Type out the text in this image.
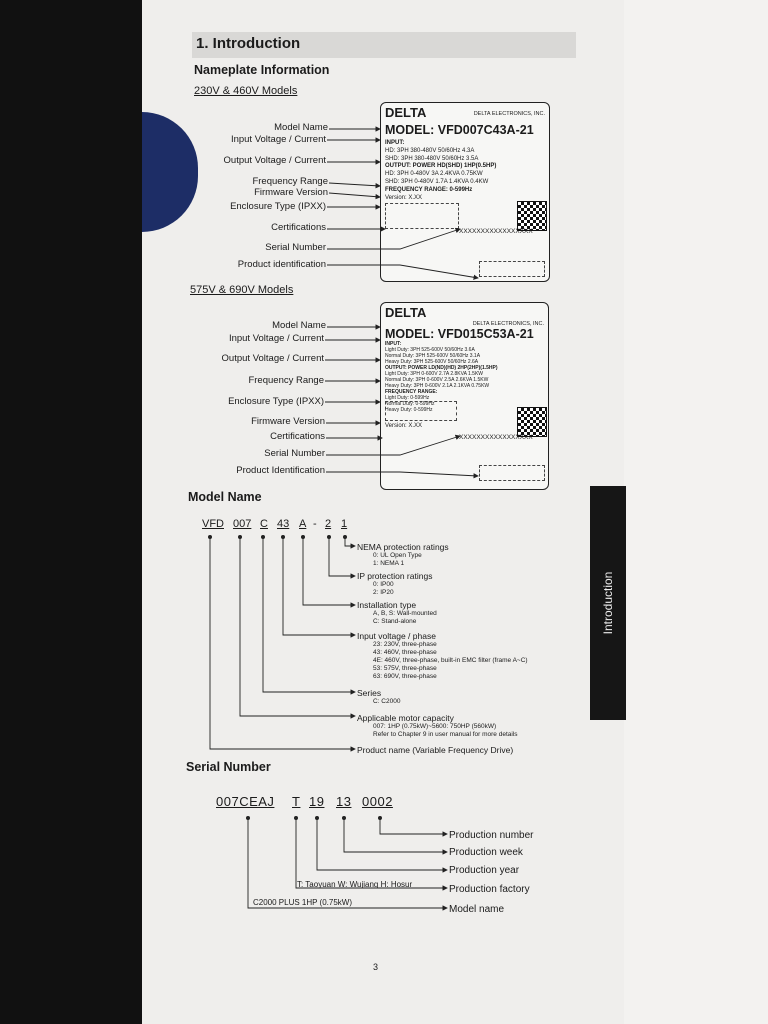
1. Introduction
Nameplate Information
230V & 460V Models
Model Name
Input Voltage / Current
Output Voltage / Current
Frequency Range
Firmware Version
Enclosure Type (IPXX)
Certifications
Serial Number
Product identification
DELTA	DELTA ELECTRONICS, INC.
MODEL: VFD007C43A-21
INPUT:
HD: 3PH 380-480V 50/60Hz 4.3A
SHD: 3PH 380-480V 50/60Hz 3.5A
OUTPUT: POWER HD(SHD) 1HP(0.5HP)
HD: 3PH 0-480V 3A 2.4KVA 0.75KW
SHD: 3PH 0-480V 1.7A 1.4KVA 0.4KW
FREQUENCY RANGE: 0-599Hz
Version: X.XX
XXXXXXXXXXXXXXXXX
575V & 690V Models
Model Name
Input Voltage / Current
Output Voltage / Current
Frequency Range
Enclosure Type (IPXX)
Firmware Version
Certifications
Serial Number
Product Identification
DELTA
DELTA ELECTRONICS, INC.
MODEL: VFD015C53A-21
INPUT:
Light Duty: 3PH 525-600V 50/60Hz 3.6A
Normal Duty: 3PH 525-600V 50/60Hz 3.1A
Heavy Duty: 3PH 525-600V 50/60Hz 2.6A
OUTPUT: POWER LD(ND)(HD) 2HP(2HP)(1.5HP)
Light Duty: 3PH 0-600V 2.7A 2.8KVA 1.5KW
Normal Duty: 3PH 0-600V 2.5A 2.6KVA 1.5KW
Heavy Duty: 3PH 0-600V 2.1A 2.1KVA 0.75KW
FREQUENCY RANGE:
Light Duty: 0-599Hz
Normal Duty: 0-599Hz
Heavy Duty: 0-599Hz
Version: X.XX
XXXXXXXXXXXXXXXXX
Model Name
VFD 007 C 43 A - 2 1
NEMA protection ratings
0: UL Open Type
1: NEMA 1
IP protection ratings
0: IP00
2: IP20
Installation type
A, B, S: Wall-mounted
C: Stand-alone
Input voltage / phase
23: 230V, three-phase
43: 460V, three-phase
4E: 460V, three-phase, built-in EMC filter (frame A~C)
53: 575V, three-phase
63: 690V, three-phase
Series
C: C2000
Applicable motor capacity
007: 1HP (0.75kW)~5600: 750HP (560kW)
Refer to Chapter 9 in user manual for more details
Product name (Variable Frequency Drive)
Serial Number
007CEAJ T 19 13 0002
Production number
Production week
Production year
Production factory
Model name
T: Taoyuan W: Wujiang H: Hosur
C2000 PLUS 1HP (0.75kW)
Introduction
3
